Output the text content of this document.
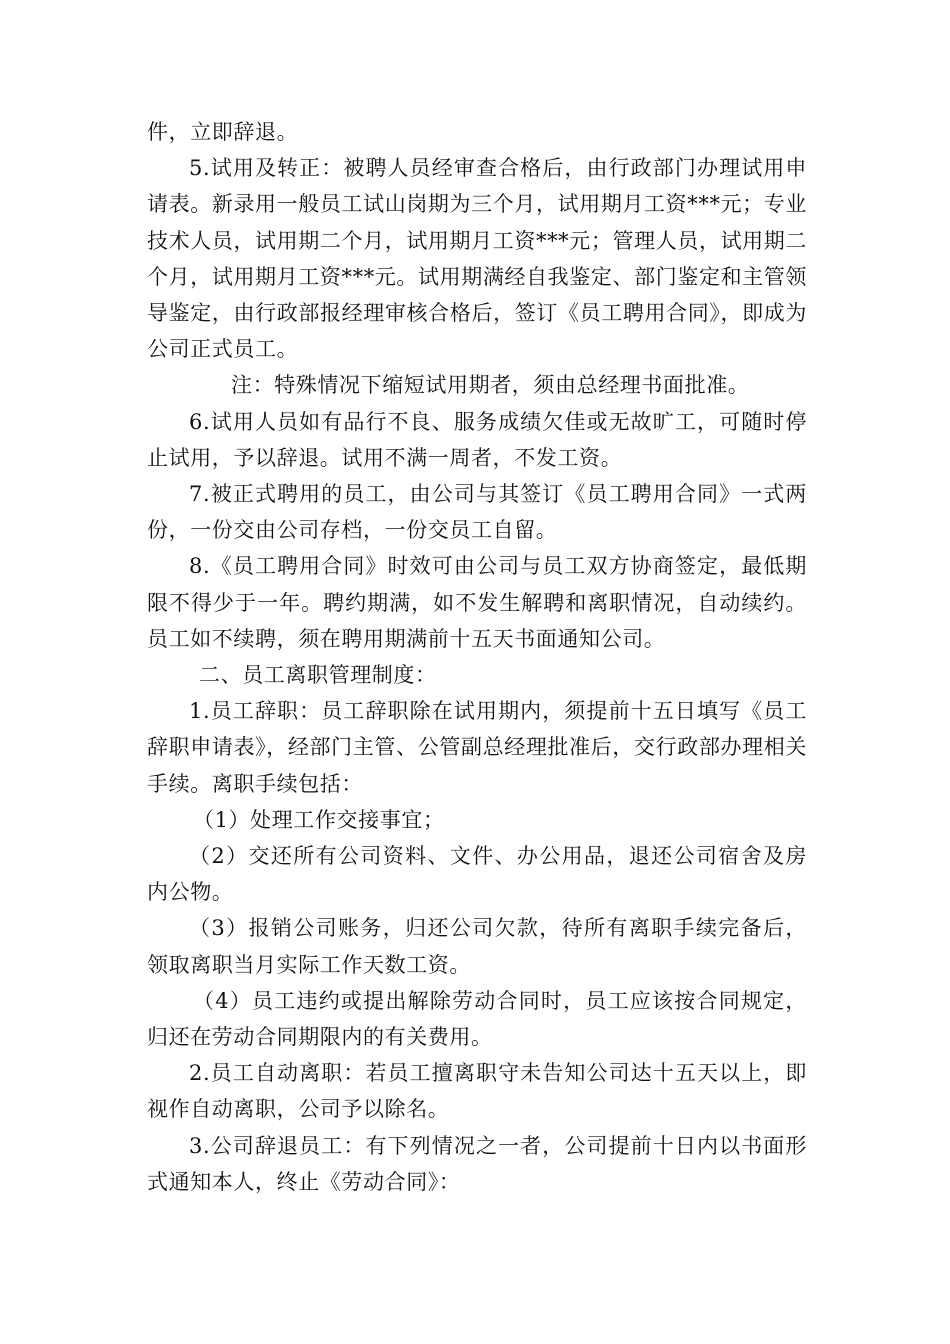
件，立即辞退。

5.试用及转正：被聘人员经审查合格后，由行政部门办理试用申请表。新录用一般员工试山岗期为三个月，试用期月工资***元；专业技术人员，试用期二个月，试用期月工资***元；管理人员，试用期二个月，试用期月工资***元。试用期满经自我鉴定、部门鉴定和主管领导鉴定，由行政部报经理审核合格后，签订《员工聘用合同》，即成为公司正式员工。

注：特殊情况下缩短试用期者，须由总经理书面批准。

6.试用人员如有品行不良、服务成绩欠佳或无故旷工，可随时停止试用，予以辞退。试用不满一周者，不发工资。

7.被正式聘用的员工，由公司与其签订《员工聘用合同》一式两份，一份交由公司存档，一份交员工自留。

8.《员工聘用合同》时效可由公司与员工双方协商签定，最低期限不得少于一年。聘约期满，如不发生解聘和离职情况，自动续约。员工如不续聘，须在聘用期满前十五天书面通知公司。

二、员工离职管理制度：

1.员工辞职：员工辞职除在试用期内，须提前十五日填写《员工辞职申请表》，经部门主管、公管副总经理批准后，交行政部办理相关手续。离职手续包括：

（1）处理工作交接事宜；

（2）交还所有公司资料、文件、办公用品，退还公司宿舍及房内公物。

（3）报销公司账务，归还公司欠款，待所有离职手续完备后，领取离职当月实际工作天数工资。

（4）员工违约或提出解除劳动合同时，员工应该按合同规定，归还在劳动合同期限内的有关费用。

2.员工自动离职：若员工擅离职守未告知公司达十五天以上，即视作自动离职，公司予以除名。

3.公司辞退员工：有下列情况之一者，公司提前十日内以书面形式通知本人，终止《劳动合同》：
